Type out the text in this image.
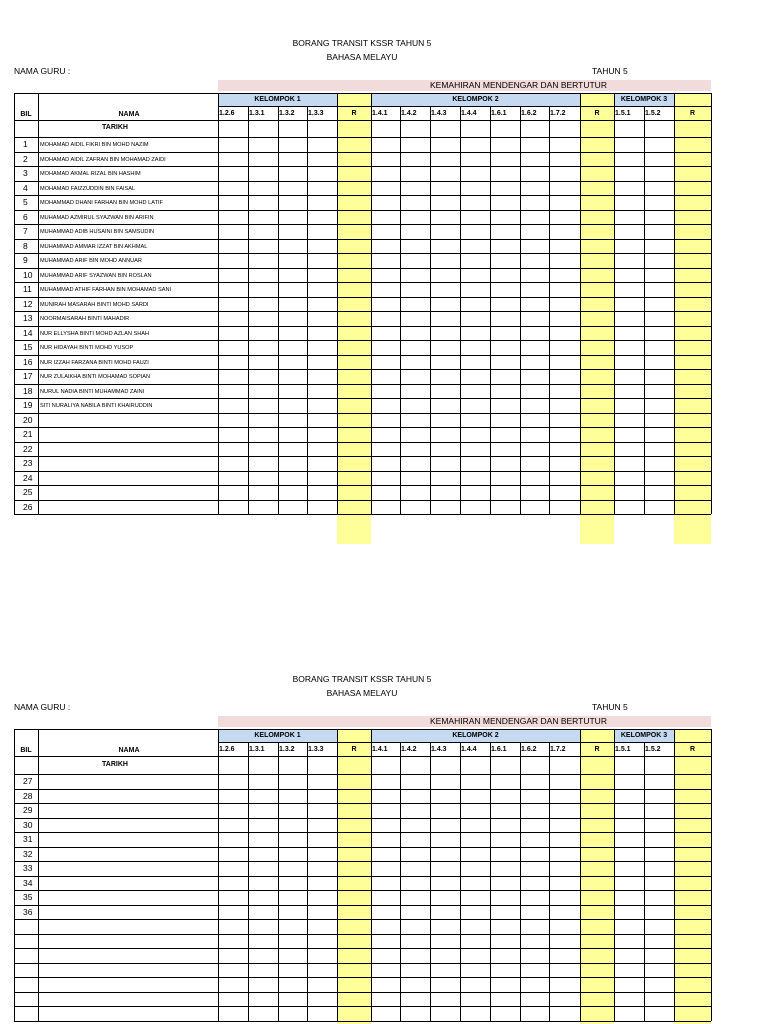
BORANG TRANSIT KSSR TAHUN 5
BAHASA MELAYU
NAMA GURU :	TAHUN 5
KEMAHIRAN MENDENGAR DAN BERTUTUR
KELOMPOK 1	KELOMPOK 2	KELOMPOK 3
BIL	NAMA
TARIKH
1.2.6 1.3.1 1.3.2 1.3.3	1.4.1 1.4.2 1.4.3 1.4.4 1.6.1 1.6.2 1.7.2	1.5.1 1.5.2
R	R	R
1	MOHAMAD AIDIL FIKRI BIN MOHD NAZIM
2	MOHAMAD AIDIL ZAFRAN BIN MOHAMAD ZAIDI
3	MOHAMAD AKMAL RIZAL BIN HASHIM
4	MOHAMAD FAIZZUDDIN BIN FAISAL
5	MOHAMMAD DHANI FARHAN BIN MOHD LATIF
6	MUHAMAD AZMIRUL SYAZWAN BIN ARIFIN
7	MUHAMMAD ADIB HUSAINI BIN SAMSUDIN
8	MUHAMMAD AMMAR IZZAT BIN AKHMAL
9	MUHAMMAD ARIF BIN MOHD ANNUAR
10	MUHAMMAD ARIF SYAZWAN BIN ROSLAN
11	MUHAMMAD ATHIF FARHAN BIN MOHAMAD SANI
12	MUNIRAH MASARAH BINTI MOHD SARDI
13	NOORMAISARAH BINTI MAHADIR
14	NUR ELLYSHA BINTI MOHD AZLAN SHAH
15	NUR HIDAYAH BINTI MOHD YUSOP
16	NUR IZZAH FARZANA BINTI MOHD FAUZI
17	NUR ZULAIKHA BINTI MOHAMAD SOPIAN
18	NURUL NADIA BINTI MUHAMMAD ZAINI
19	SITI NURALIYA NABILA BINTI KHAIRUDDIN
20
21
22
23
24
25
26
BORANG TRANSIT KSSR TAHUN 5
BAHASA MELAYU
NAMA GURU :	TAHUN 5
KEMAHIRAN MENDENGAR DAN BERTUTUR
KELOMPOK 1	KELOMPOK 2	KELOMPOK 3
BIL	NAMA
TARIKH
1.2.6 1.3.1 1.3.2 1.3.3	1.4.1 1.4.2 1.4.3 1.4.4 1.6.1 1.6.2 1.7.2	1.5.1 1.5.2
R	R	R
27
28
29
30
31
32
33
34
35
36
